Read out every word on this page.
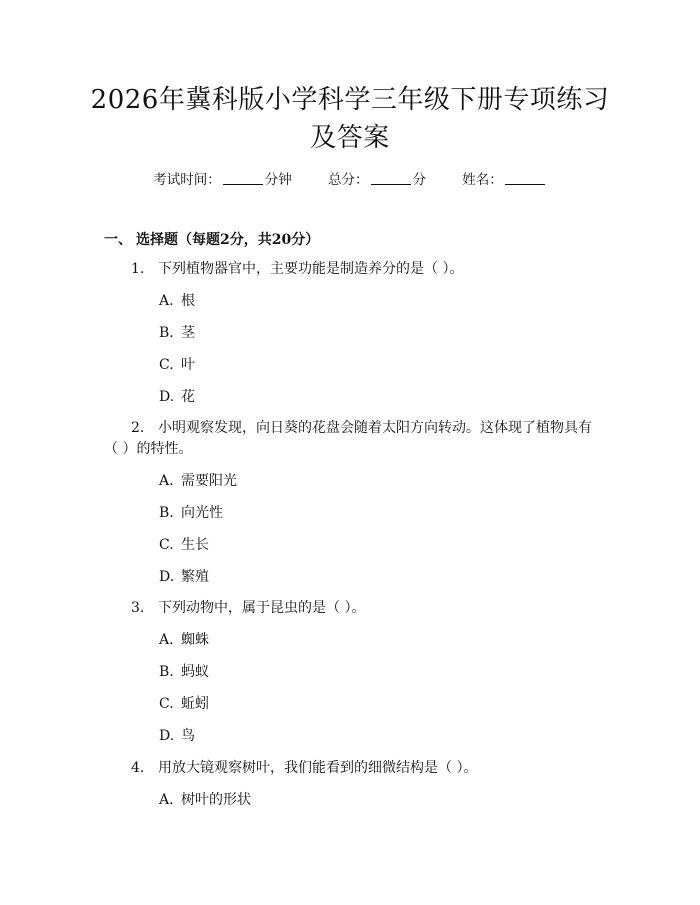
2026年冀科版小学科学三年级下册专项练习
及答案
考试时间：	分钟	总分：	分	姓名：
一、 选择题（每题2分，共20分）
1. 下列植物器官中，主要功能是制造养分的是（ ）。
A. 根
B. 茎
C. 叶
D. 花
2. 小明观察发现，向日葵的花盘会随着太阳方向转动。这体现了植物具有
（ ）的特性。
A. 需要阳光
B. 向光性
C. 生长
D. 繁殖
3. 下列动物中，属于昆虫的是（ ）。
A. 蜘蛛
B. 蚂蚁
C. 蚯蚓
D. 鸟
4. 用放大镜观察树叶，我们能看到的细微结构是（ ）。
A. 树叶的形状
